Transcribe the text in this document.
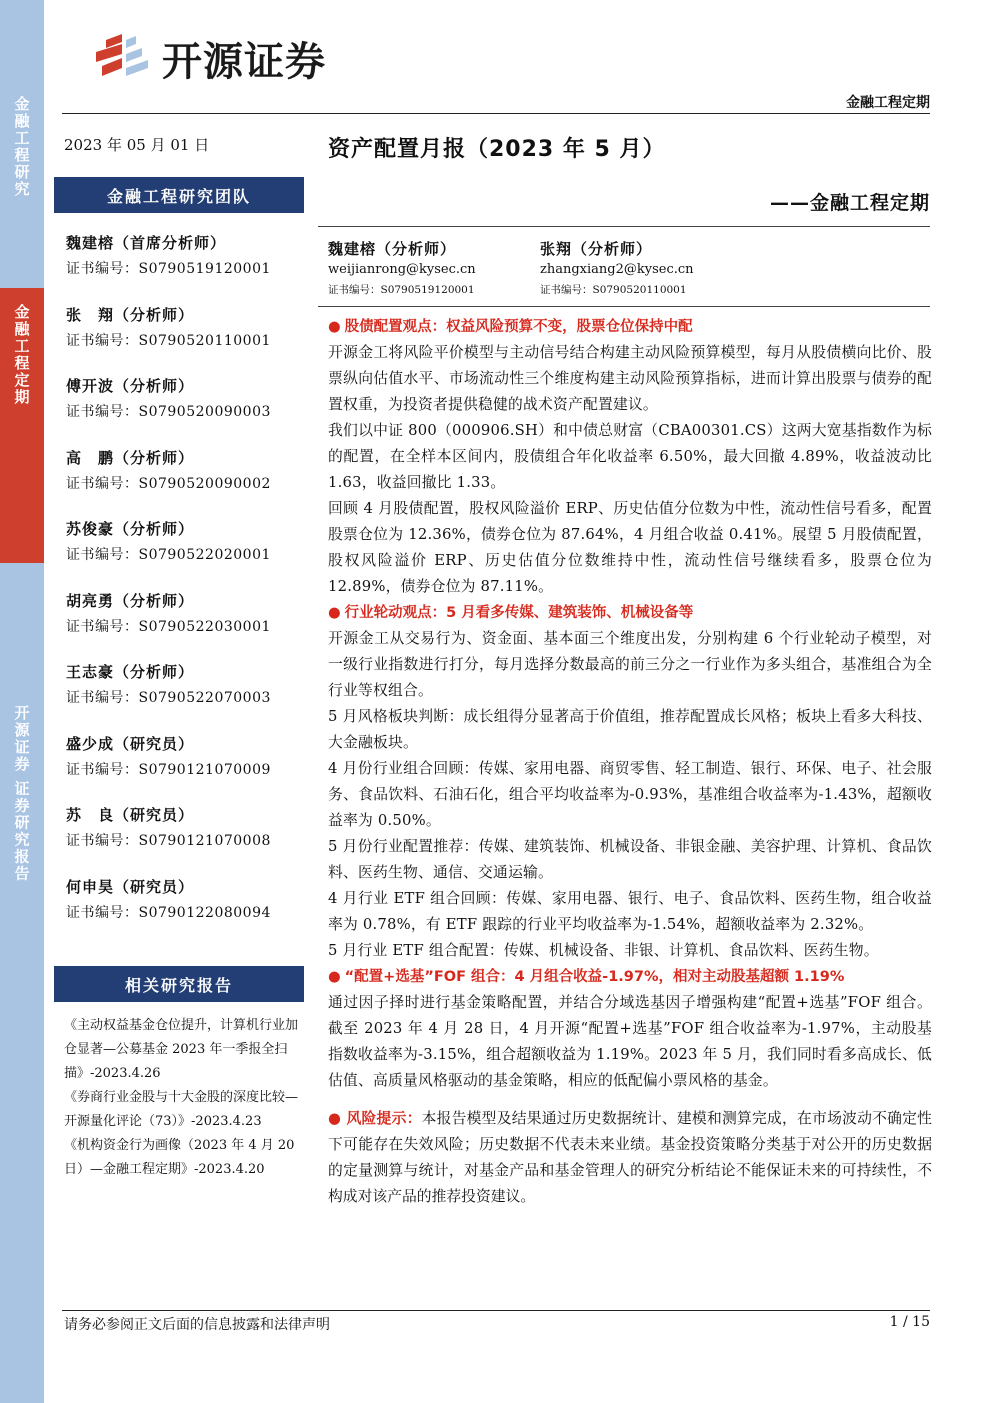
金融工程研究
金融工程定期
开源证券 证券研究报告
开源证券
金融工程定期
2023 年 05 月 01 日
金融工程研究团队
魏建榕（首席分析师）
证书编号：S0790519120001
张　翔（分析师）
证书编号：S0790520110001
傅开波（分析师）
证书编号：S0790520090003
高　鹏（分析师）
证书编号：S0790520090002
苏俊豪（分析师）
证书编号：S0790522020001
胡亮勇（分析师）
证书编号：S0790522030001
王志豪（分析师）
证书编号：S0790522070003
盛少成（研究员）
证书编号：S0790121070009
苏　良（研究员）
证书编号：S0790121070008
何申昊（研究员）
证书编号：S0790122080094
相关研究报告
《主动权益基金仓位提升，计算机行业加仓显著—公募基金 2023 年一季报全扫描》-2023.4.26
《券商行业金股与十大金股的深度比较—开源量化评论（73）》-2023.4.23
《机构资金行为画像（2023 年 4 月 20 日）—金融工程定期》-2023.4.20
资产配置月报（2023 年 5 月）
——金融工程定期
魏建榕（分析师）
weijianrong@kysec.cn
证书编号：S0790519120001
张翔（分析师）
zhangxiang2@kysec.cn
证书编号：S0790520110001
● 股债配置观点：权益风险预算不变，股票仓位保持中配
开源金工将风险平价模型与主动信号结合构建主动风险预算模型，每月从股债横向比价、股票纵向估值水平、市场流动性三个维度构建主动风险预算指标，进而计算出股票与债券的配置权重，为投资者提供稳健的战术资产配置建议。
我们以中证 800（000906.SH）和中债总财富（CBA00301.CS）这两大宽基指数作为标的配置，在全样本区间内，股债组合年化收益率 6.50%，最大回撤 4.89%，收益波动比 1.63，收益回撤比 1.33。
回顾 4 月股债配置，股权风险溢价 ERP、历史估值分位数为中性，流动性信号看多，配置股票仓位为 12.36%，债券仓位为 87.64%，4 月组合收益 0.41%。展望 5 月股债配置，股权风险溢价 ERP、历史估值分位数维持中性，流动性信号继续看多，股票仓位为 12.89%，债券仓位为 87.11%。
● 行业轮动观点：5 月看多传媒、建筑装饰、机械设备等
开源金工从交易行为、资金面、基本面三个维度出发，分别构建 6 个行业轮动子模型，对一级行业指数进行打分，每月选择分数最高的前三分之一行业作为多头组合，基准组合为全行业等权组合。
5 月风格板块判断：成长组得分显著高于价值组，推荐配置成长风格；板块上看多大科技、大金融板块。
4 月份行业组合回顾：传媒、家用电器、商贸零售、轻工制造、银行、环保、电子、社会服务、食品饮料、石油石化，组合平均收益率为-0.93%，基准组合收益率为-1.43%，超额收益率为 0.50%。
5 月份行业配置推荐：传媒、建筑装饰、机械设备、非银金融、美容护理、计算机、食品饮料、医药生物、通信、交通运输。
4 月行业 ETF 组合回顾：传媒、家用电器、银行、电子、食品饮料、医药生物，组合收益率为 0.78%，有 ETF 跟踪的行业平均收益率为-1.54%，超额收益率为 2.32%。
5 月行业 ETF 组合配置：传媒、机械设备、非银、计算机、食品饮料、医药生物。
● “配置+选基”FOF 组合：4 月组合收益-1.97%，相对主动股基超额 1.19%
通过因子择时进行基金策略配置，并结合分域选基因子增强构建“配置+选基”FOF 组合。截至 2023 年 4 月 28 日，4 月开源“配置+选基”FOF 组合收益率为-1.97%，主动股基指数收益率为-3.15%，组合超额收益为 1.19%。2023 年 5 月，我们同时看多高成长、低估值、高质量风格驱动的基金策略，相应的低配偏小票风格的基金。
● 风险提示：本报告模型及结果通过历史数据统计、建模和测算完成，在市场波动不确定性下可能存在失效风险；历史数据不代表未来业绩。基金投资策略分类基于对公开的历史数据的定量测算与统计，对基金产品和基金管理人的研究分析结论不能保证未来的可持续性，不构成对该产品的推荐投资建议。
请务必参阅正文后面的信息披露和法律声明	1 / 15
